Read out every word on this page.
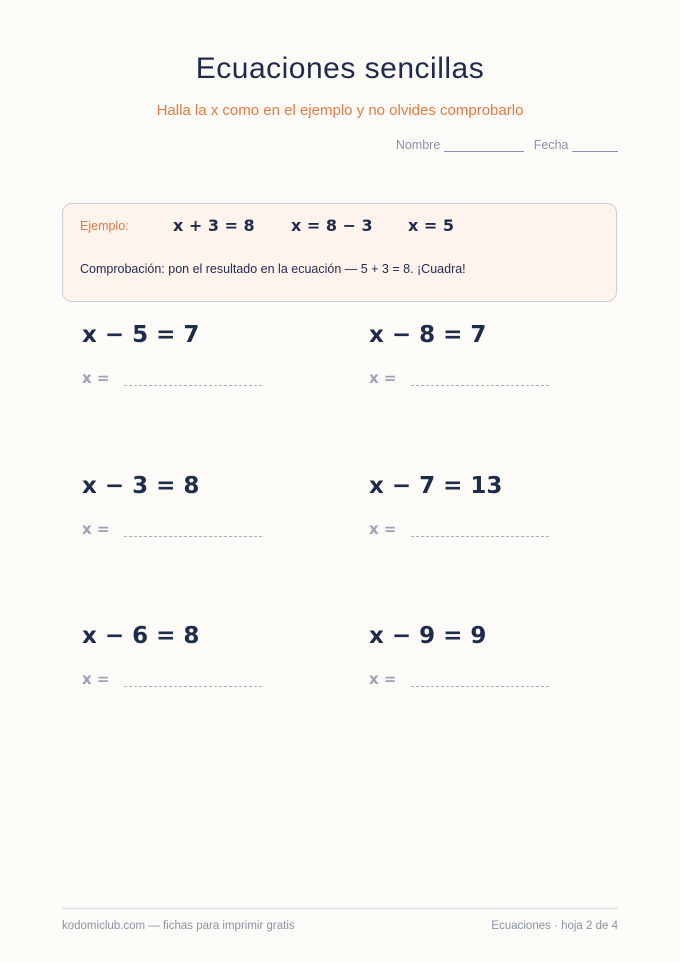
Ecuaciones sencillas
Halla la x como en el ejemplo y no olvides comprobarlo
Nombre	Fecha
Ejemplo:	x + 3 = 8 x = 8 − 3 x = 5
Comprobación: pon el resultado en la ecuación — 5 + 3 = 8. ¡Cuadra!
x − 5 = 7
x =
x − 8 = 7
x =
x − 3 = 8
x =
x − 7 = 13
x =
x − 6 = 8
x =
x − 9 = 9
x =
kodomiclub.com — fichas para imprimir gratis	Ecuaciones · hoja 2 de 4
